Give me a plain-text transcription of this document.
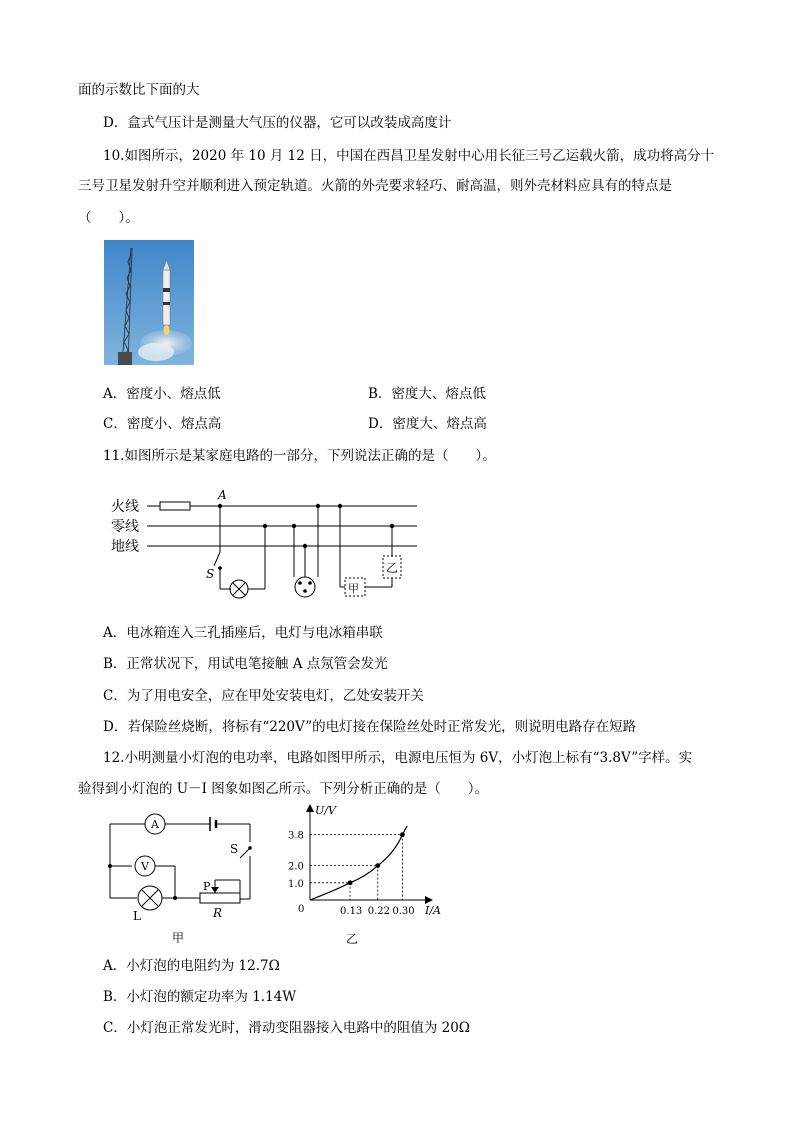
面的示数比下面的大
D．盒式气压计是测量大气压的仪器，它可以改装成高度计
10.如图所示，2020 年 10 月 12 日，中国在西昌卫星发射中心用长征三号乙运载火箭，成功将高分十
三号卫星发射升空并顺利进入预定轨道。火箭的外壳要求轻巧、耐高温，则外壳材料应具有的特点是
（　　）。
A．密度小、熔点低	B．密度大、熔点低
C．密度小、熔点高	D．密度大、熔点高
11.如图所示是某家庭电路的一部分，下列说法正确的是（　　）。
火线
零线
地线
A
S
甲
乙
A．电冰箱连入三孔插座后，电灯与电冰箱串联
B．正常状况下，用试电笔接触 A 点氖管会发光
C．为了用电安全，应在甲处安装电灯，乙处安装开关
D．若保险丝烧断，将标有“220V”的电灯接在保险丝处时正常发光，则说明电路存在短路
12.小明测量小灯泡的电功率，电路如图甲所示，电源电压恒为 6V，小灯泡上标有“3.8V”字样。实
验得到小灯泡的 U－I 图象如图乙所示。下列分析正确的是（　　）。
A
V
L
S
P
R
甲
U/V
I/A
0
1.0
0.13
2.0
0.22
3.8
0.30
乙
A．小灯泡的电阻约为 12.7Ω
B．小灯泡的额定功率为 1.14W
C．小灯泡正常发光时，滑动变阻器接入电路中的阻值为 20Ω
